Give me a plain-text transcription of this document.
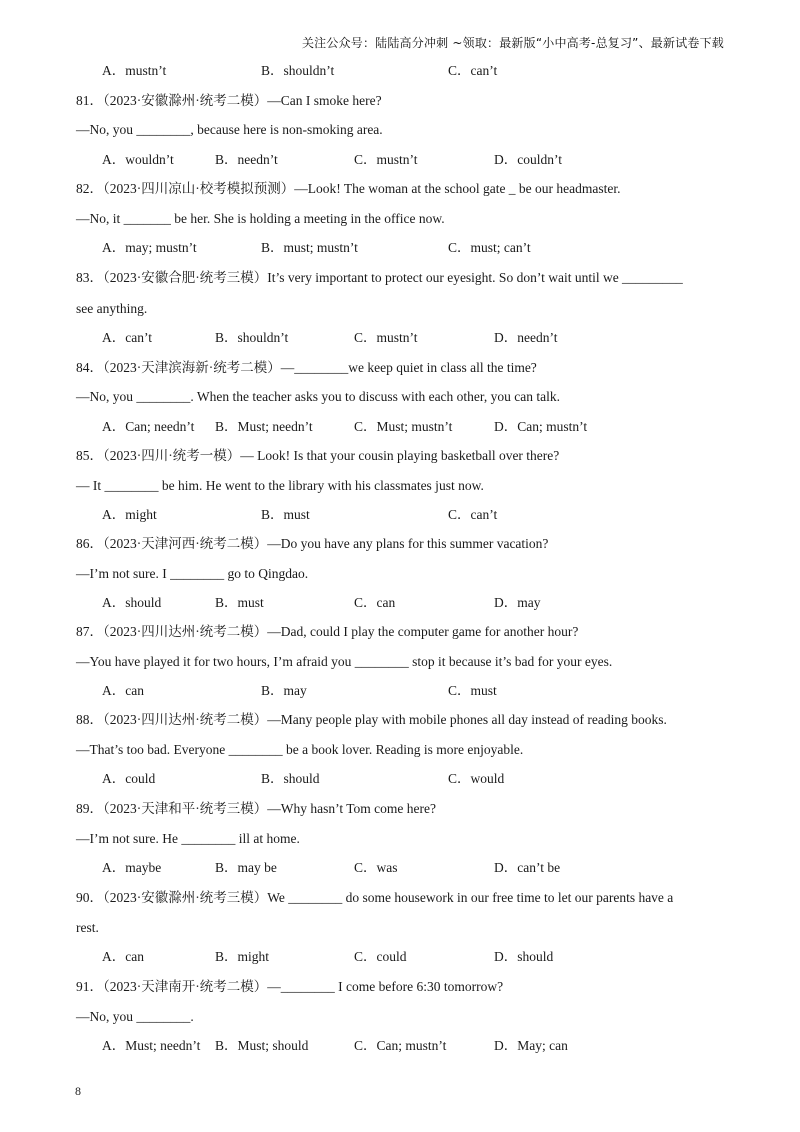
关注公众号：陆陆高分冲刺 ~领取：最新版“小中高考-总复习”、最新试卷下载
A．mustn’t	B．shouldn’t	C．can’t
81．（2023·安徽滁州·统考二模）—Can I smoke here?
—No, you ________, because here is non-smoking area.
A．wouldn’t	B．needn’t	C．mustn’t	D．couldn’t
82．（2023·四川凉山·校考模拟预测）—Look! The woman at the school gate _ be our headmaster.
—No, it _______ be her. She is holding a meeting in the office now.
A．may; mustn’t	B．must; mustn’t	C．must; can’t
83．（2023·安徽合肥·统考三模）It’s very important to protect our eyesight. So don’t wait until we _________
see anything.
A．can’t	B．shouldn’t	C．mustn’t	D．needn’t
84．（2023·天津滨海新·统考二模）—________we keep quiet in class all the time?
—No, you ________. When the teacher asks you to discuss with each other, you can talk.
A．Can; needn’t B．Must; needn’t	C．Must; mustn’t	D．Can; mustn’t
85．（2023·四川·统考一模）— Look! Is that your cousin playing basketball over there?
— It ________ be him. He went to the library with his classmates just now.
A．might	B．must	C．can’t
86．（2023·天津河西·统考二模）—Do you have any plans for this summer vacation?
—I’m not sure. I ________ go to Qingdao.
A．should	B．must	C．can	D．may
87．（2023·四川达州·统考二模）—Dad, could I play the computer game for another hour?
—You have played it for two hours, I’m afraid you ________ stop it because it’s bad for your eyes.
A．can	B．may	C．must
88．（2023·四川达州·统考二模）—Many people play with mobile phones all day instead of reading books.
—That’s too bad. Everyone ________ be a book lover. Reading is more enjoyable.
A．could	B．should	C．would
89．（2023·天津和平·统考三模）—Why hasn’t Tom come here?
—I’m not sure. He ________ ill at home.
A．maybe	B．may be	C．was	D．can’t be
90．（2023·安徽滁州·统考三模）We ________ do some housework in our free time to let our parents have a
rest.
A．can	B．might	C．could	D．should
91．（2023·天津南开·统考二模）—________ I come before 6:30 tomorrow?
—No, you ________.
A．Must; needn’t B．Must; should	C．Can; mustn’t	D．May; can
8
